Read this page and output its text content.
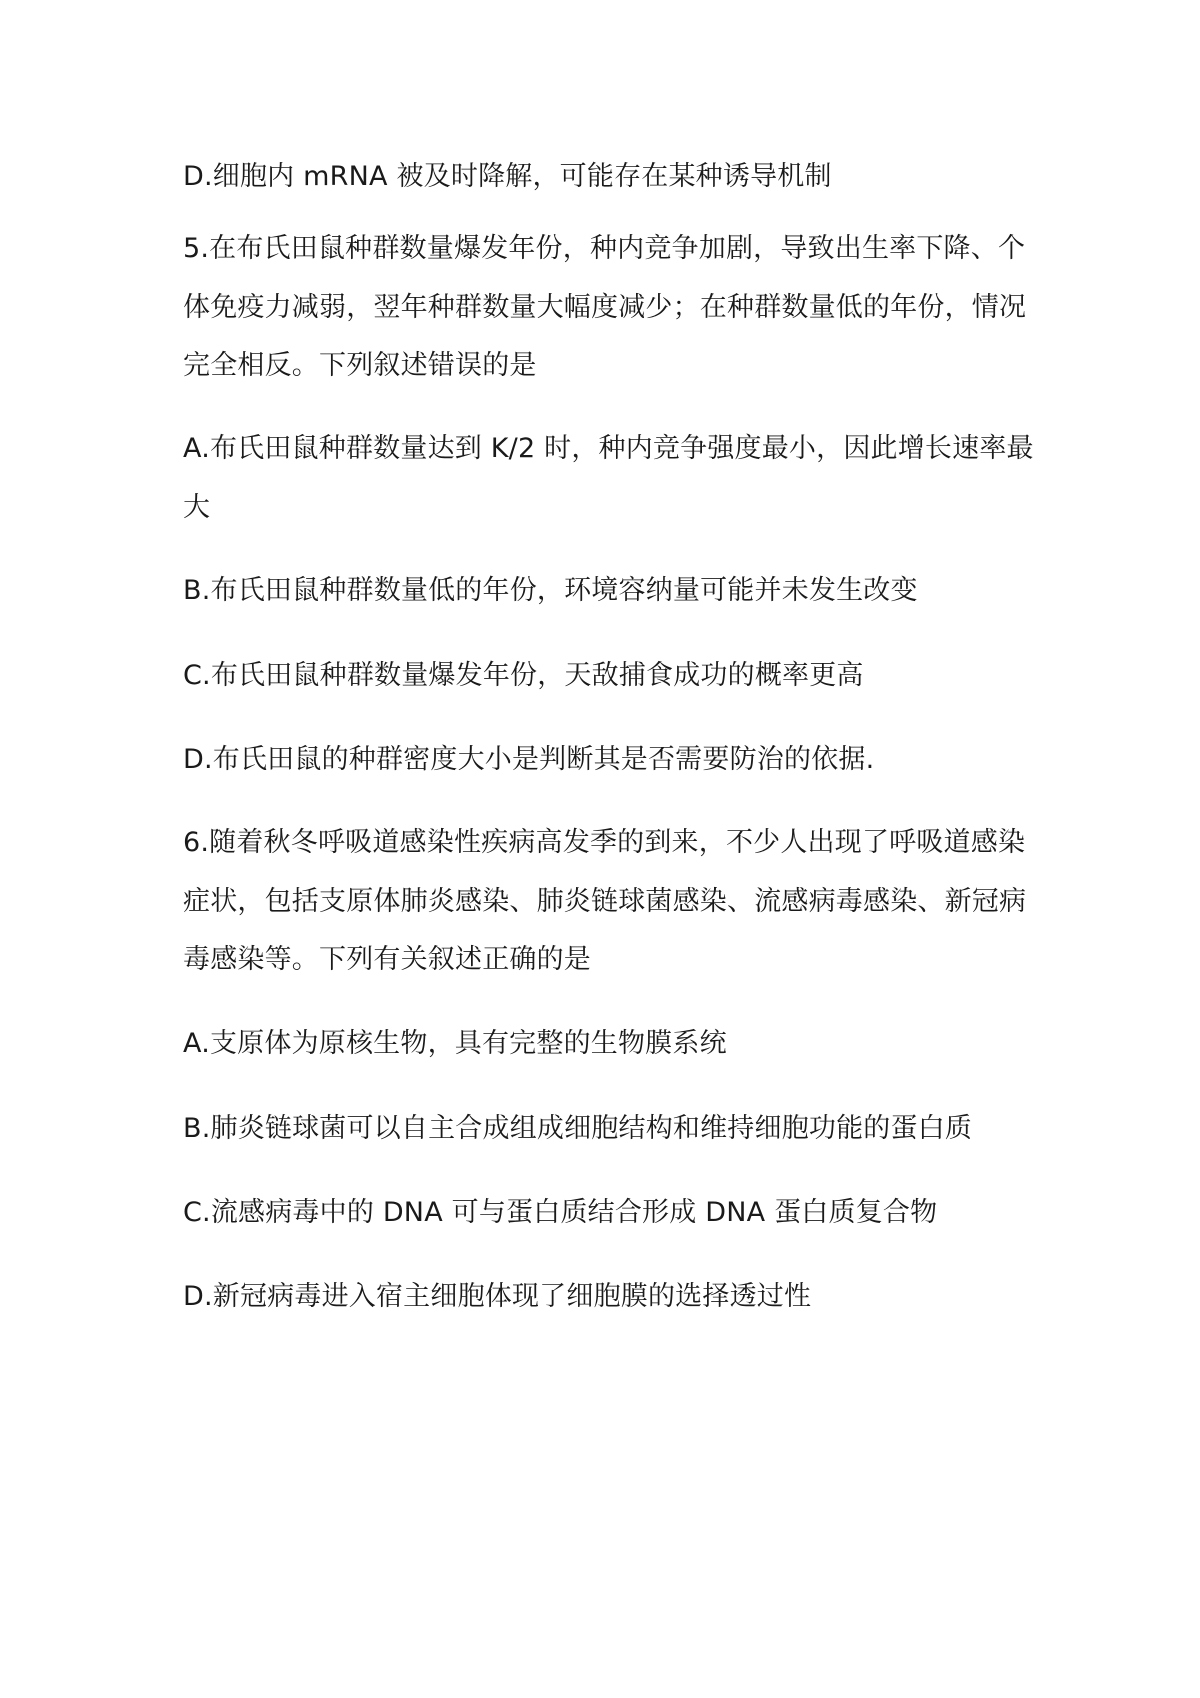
D.细胞内 mRNA 被及时降解，可能存在某种诱导机制
5.在布氏田鼠种群数量爆发年份，种内竞争加剧，导致出生率下降、个
体免疫力减弱，翌年种群数量大幅度减少；在种群数量低的年份，情况
完全相反。下列叙述错误的是
A.布氏田鼠种群数量达到 K/2 时，种内竞争强度最小，因此增长速率最
大
B.布氏田鼠种群数量低的年份，环境容纳量可能并未发生改变
C.布氏田鼠种群数量爆发年份，天敌捕食成功的概率更高
D.布氏田鼠的种群密度大小是判断其是否需要防治的依据.
6.随着秋冬呼吸道感染性疾病高发季的到来，不少人出现了呼吸道感染
症状，包括支原体肺炎感染、肺炎链球菌感染、流感病毒感染、新冠病
毒感染等。下列有关叙述正确的是
A.支原体为原核生物，具有完整的生物膜系统
B.肺炎链球菌可以自主合成组成细胞结构和维持细胞功能的蛋白质
C.流感病毒中的 DNA 可与蛋白质结合形成 DNA 蛋白质复合物
D.新冠病毒进入宿主细胞体现了细胞膜的选择透过性
